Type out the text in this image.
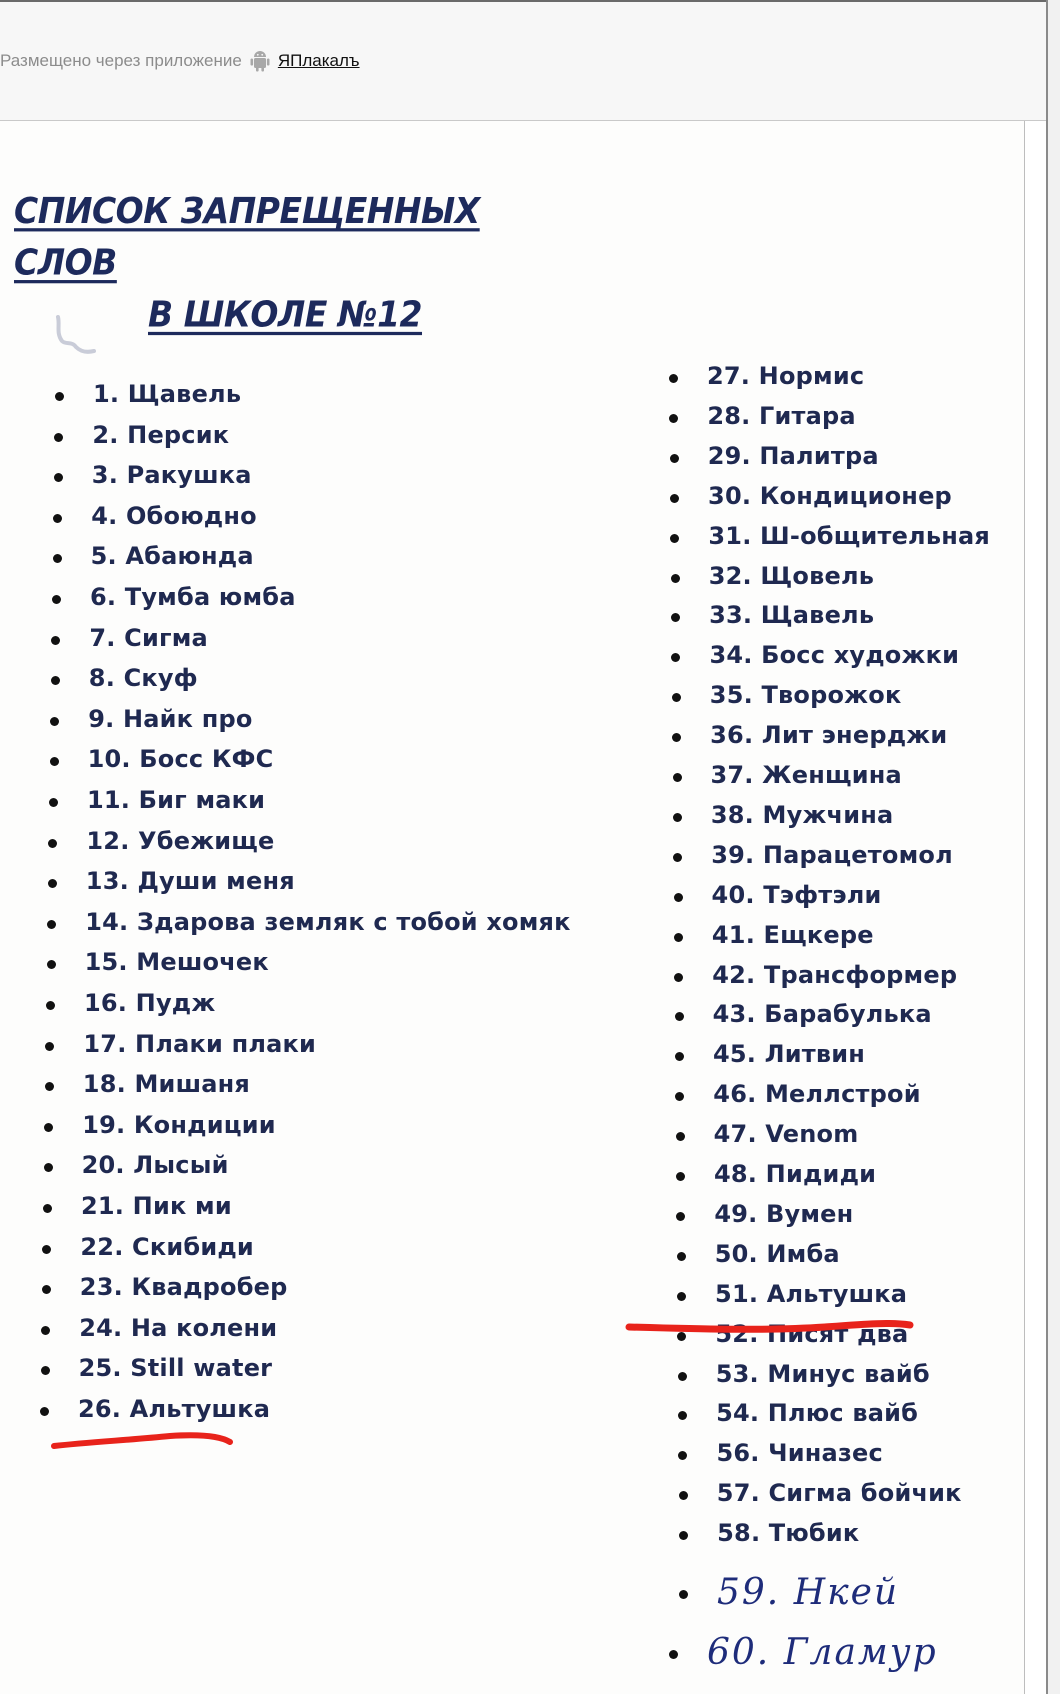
Размещено через приложение ЯПлакалъ
СПИСОК ЗАПРЕЩЕННЫХ СЛОВ
В ШКОЛЕ №12
1. Щавель
2. Персик
3. Ракушка
4. Обоюдно
5. Абаюнда
6. Тумба юмба
7. Сигма
8. Скуф
9. Найк про
10. Босс КФС
11. Биг маки
12. Убежище
13. Души меня
14. Здарова земляк с тобой хомяк
15. Мешочек
16. Пудж
17. Плаки плаки
18. Мишаня
19. Кондиции
20. Лысый
21. Пик ми
22. Скибиди
23. Квадробер
24. На колени
25. Still water
26. Альтушка
27. Нормис
28. Гитара
29. Палитра
30. Кондиционер
31. Ш-общительная
32. Щовель
33. Щавель
34. Босс художки
35. Творожок
36. Лит энерджи
37. Женщина
38. Мужчина
39. Парацетомол
40. Тэфтэли
41. Ещкере
42. Трансформер
43. Барабулька
45. Литвин
46. Меллстрой
47. Venom
48. Пидиди
49. Вумен
50. Имба
51. Альтушка
52. Писят два
53. Минус вайб
54. Плюс вайб
56. Чиназес
57. Сигма бойчик
58. Тюбик
59. Нкей
60. Гламур
